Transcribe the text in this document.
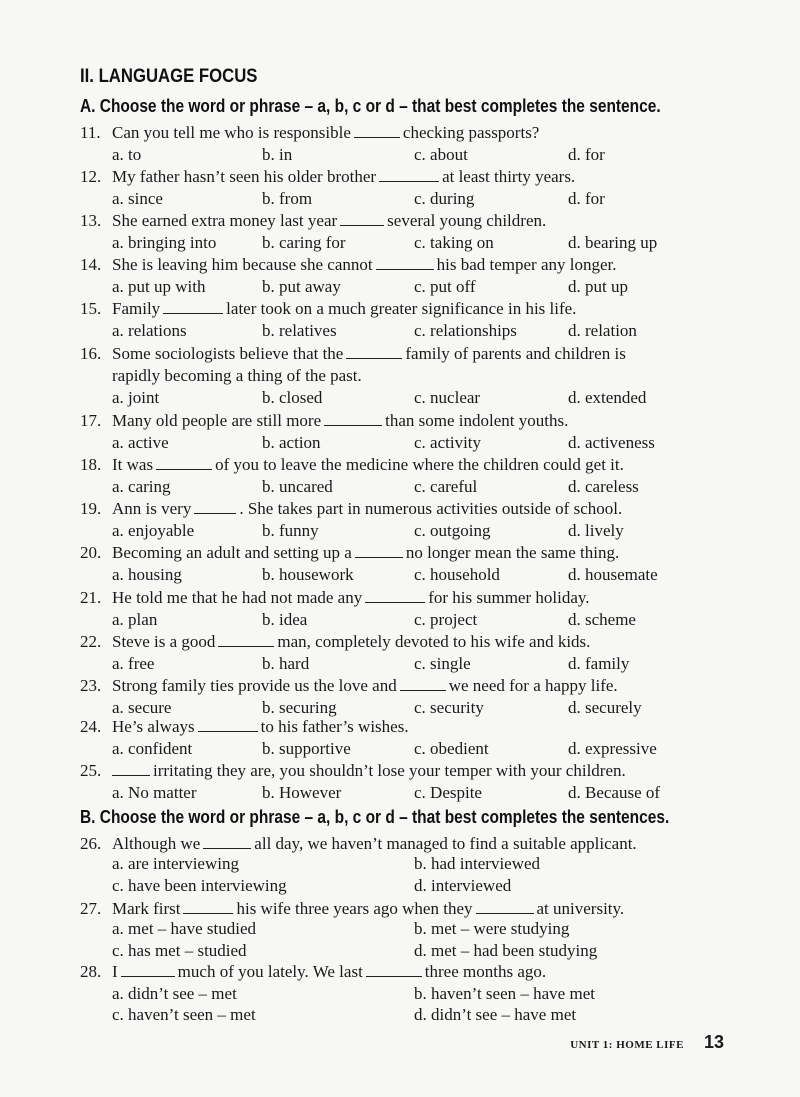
II. LANGUAGE FOCUS
A. Choose the word or phrase – a, b, c or d – that best completes the sentence.
11. Can you tell me who is responsible	checking passports?
a. to	b. in	c. about	d. for
12. My father hasn’t seen his older brother	at least thirty years.
a. since	b. from	c. during	d. for
13. She earned extra money last year	several young children.
a. bringing into	b. caring for	c. taking on	d. bearing up
14. She is leaving him because she cannot	his bad temper any longer.
a. put up with	b. put away	c. put off	d. put up
15. Family	later took on a much greater significance in his life.
a. relations	b. relatives	c. relationships	d. relation
16. Some sociologists believe that the	family of parents and children is
rapidly becoming a thing of the past.
a. joint	b. closed	c. nuclear	d. extended
17. Many old people are still more	than some indolent youths.
a. active	b. action	c. activity	d. activeness
18. It was	of you to leave the medicine where the children could get it.
a. caring	b. uncared	c. careful	d. careless
19. Ann is very	. She takes part in numerous activities outside of school.
a. enjoyable	b. funny	c. outgoing	d. lively
20. Becoming an adult and setting up a	no longer mean the same thing.
a. housing	b. housework	c. household	d. housemate
21. He told me that he had not made any	for his summer holiday.
a. plan	b. idea	c. project	d. scheme
22. Steve is a good	man, completely devoted to his wife and kids.
a. free	b. hard	c. single	d. family
23. Strong family ties provide us the love and	we need for a happy life.
a. secure	b. securing	c. security	d. securely
24. He’s always	to his father’s wishes.
a. confident	b. supportive	c. obedient	d. expressive
25.	irritating they are, you shouldn’t lose your temper with your children.
a. No matter	b. However	c. Despite	d. Because of
B. Choose the word or phrase – a, b, c or d – that best completes the sentences.
26. Although we	all day, we haven’t managed to find a suitable applicant.
a. are interviewing	b. had interviewed
c. have been interviewing	d. interviewed
27. Mark first	his wife three years ago when they	at university.
a. met – have studied	b. met – were studying
c. has met – studied	d. met – had been studying
28. I	much of you lately. We last	three months ago.
a. didn’t see – met	b. haven’t seen – have met
c. haven’t seen – met	d. didn’t see – have met
UNIT 1: HOME LIFE 13
